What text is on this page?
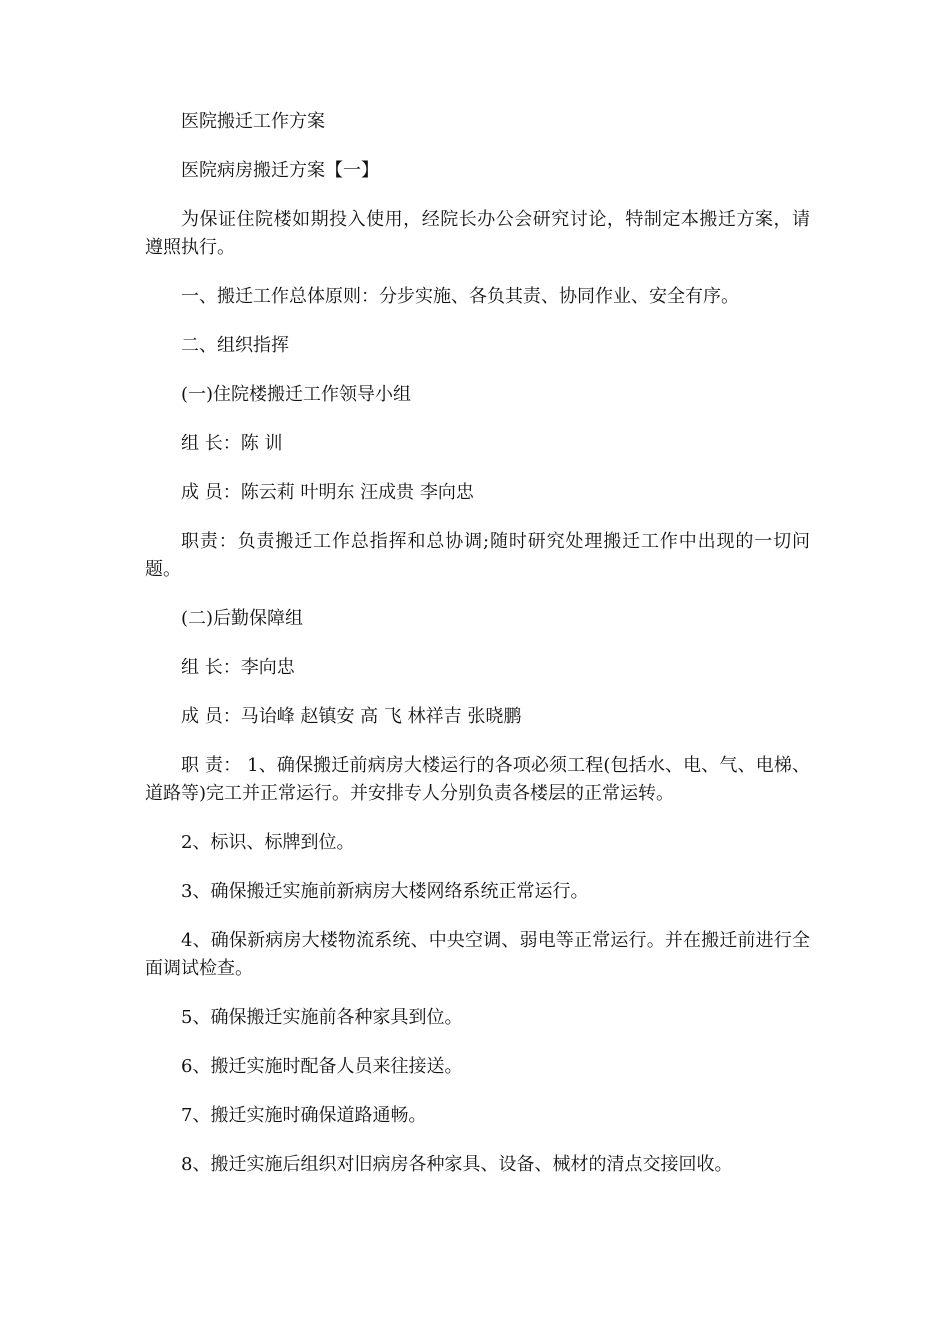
医院搬迁工作方案

医院病房搬迁方案【一】

为保证住院楼如期投入使用，经院长办公会研究讨论，特制定本搬迁方案，请遵照执行。

一、搬迁工作总体原则：分步实施、各负其责、协同作业、安全有序。

二、组织指挥

(一)住院楼搬迁工作领导小组

组 长：陈 训

成 员：陈云莉 叶明东 汪成贵 李向忠

职责：负责搬迁工作总指挥和总协调;随时研究处理搬迁工作中出现的一切问题。

(二)后勤保障组

组 长：李向忠

成 员：马诒峰 赵镇安 高 飞 林祥吉 张晓鹏

职 责： 1、确保搬迁前病房大楼运行的各项必须工程(包括水、电、气、电梯、道路等)完工并正常运行。并安排专人分别负责各楼层的正常运转。

2、标识、标牌到位。

3、确保搬迁实施前新病房大楼网络系统正常运行。

4、确保新病房大楼物流系统、中央空调、弱电等正常运行。并在搬迁前进行全面调试检查。

5、确保搬迁实施前各种家具到位。

6、搬迁实施时配备人员来往接送。

7、搬迁实施时确保道路通畅。

8、搬迁实施后组织对旧病房各种家具、设备、械材的清点交接回收。
